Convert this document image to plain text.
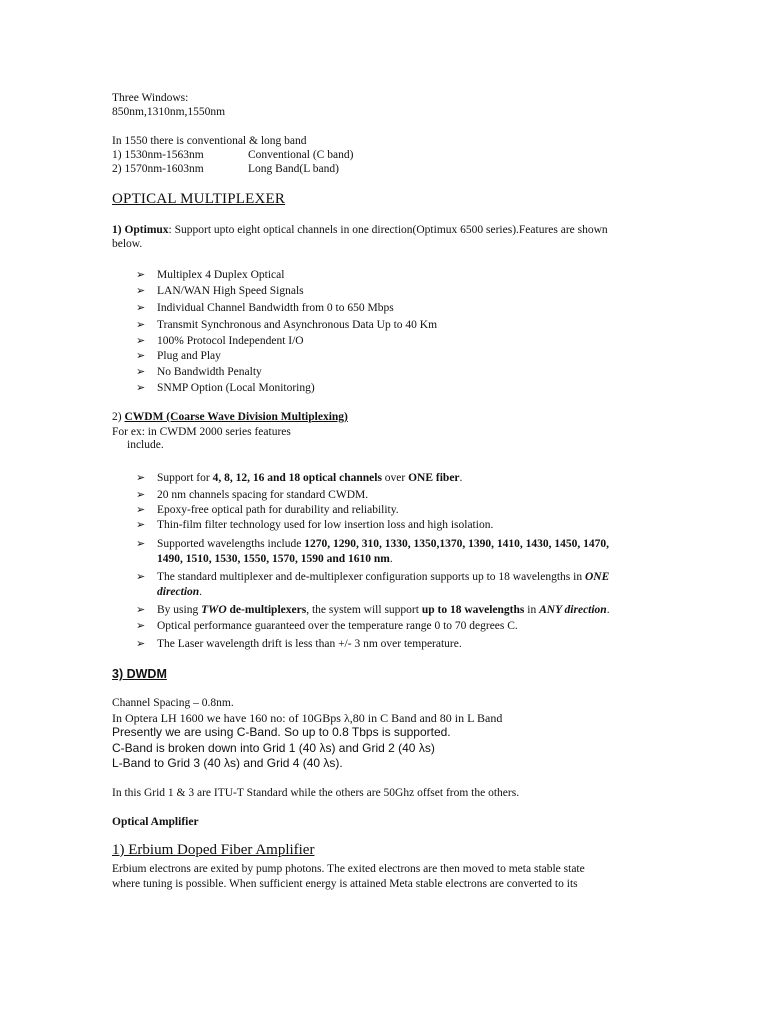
Three Windows:
850nm,1310nm,1550nm
In 1550 there is conventional & long band
1) 1530nm-1563nm	Conventional (C band)
2) 1570nm-1603nm	Long Band(L band)
OPTICAL MULTIPLEXER
1) Optimux: Support upto eight optical channels in one direction(Optimux 6500 series).Features are shown
below.
➢ Multiplex 4 Duplex Optical
➢ LAN/WAN High Speed Signals
➢ Individual Channel Bandwidth from 0 to 650 Mbps
➢ Transmit Synchronous and Asynchronous Data Up to 40 Km
➢ 100% Protocol Independent I/O
➢ Plug and Play
➢ No Bandwidth Penalty
➢ SNMP Option (Local Monitoring)
2) CWDM (Coarse Wave Division Multiplexing)
For ex: in CWDM 2000 series features
include.
➢ Support for 4, 8, 12, 16 and 18 optical channels over ONE fiber.
➢ 20 nm channels spacing for standard CWDM.
➢ Epoxy-free optical path for durability and reliability.
➢ Thin-film filter technology used for low insertion loss and high isolation.
➢ Supported wavelengths include 1270, 1290, 310, 1330, 1350,1370, 1390, 1410, 1430, 1450, 1470,
1490, 1510, 1530, 1550, 1570, 1590 and 1610 nm.
➢ The standard multiplexer and de-multiplexer configuration supports up to 18 wavelengths in ONE
direction.
➢ By using TWO de-multiplexers, the system will support up to 18 wavelengths in ANY direction.
➢ Optical performance guaranteed over the temperature range 0 to 70 degrees C.
➢ The Laser wavelength drift is less than +/- 3 nm over temperature.
3) DWDM
Channel Spacing – 0.8nm.
In Optera LH 1600 we have 160 no: of 10GBps λ,80 in C Band and 80 in L Band
Presently we are using C-Band. So up to 0.8 Tbps is supported.
C-Band is broken down into Grid 1 (40 λs) and Grid 2 (40 λs)
L-Band to Grid 3 (40 λs) and Grid 4 (40 λs).
In this Grid 1 & 3 are ITU-T Standard while the others are 50Ghz offset from the others.
Optical Amplifier
1) Erbium Doped Fiber Amplifier
Erbium electrons are exited by pump photons. The exited electrons are then moved to meta stable state
where tuning is possible. When sufficient energy is attained Meta stable electrons are converted to its
